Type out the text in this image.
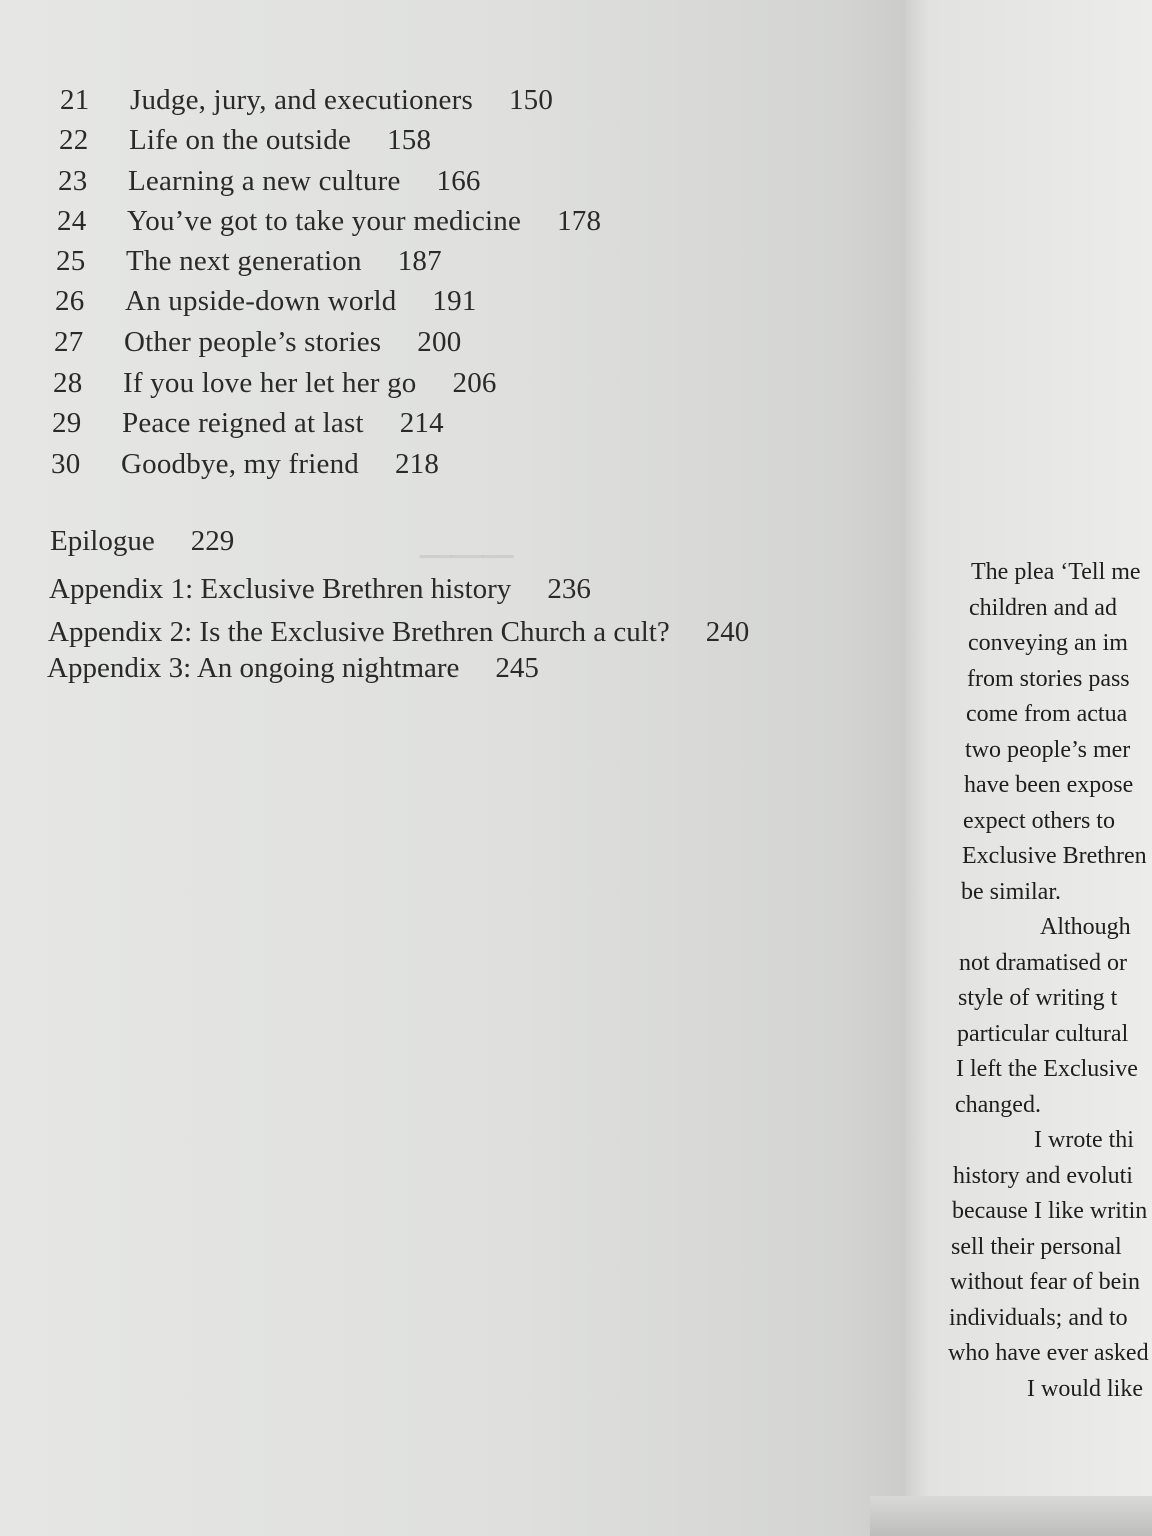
───
21 Judge, jury, and executioners 150
22 Life on the outside 158
23 Learning a new culture 166
24 You’ve got to take your medicine 178
25 The next generation 187
26 An upside-down world 191
27 Other people’s stories 200
28 If you love her let her go 206
29 Peace reigned at last 214
30 Goodbye, my friend 218
Epilogue 229
Appendix 1: Exclusive Brethren history 236
Appendix 2: Is the Exclusive Brethren Church a cult? 240
Appendix 3: An ongoing nightmare 245
The plea ‘Tell me
children and ad
conveying an im
from stories pass
come from actua
two people’s mer
have been expose
expect others to
Exclusive Brethren
be similar.
Although
not dramatised or
style of writing t
particular cultural
I left the Exclusive
changed.
I wrote thi
history and evoluti
because I like writin
sell their personal
without fear of bein
individuals; and to
who have ever asked
I would like
